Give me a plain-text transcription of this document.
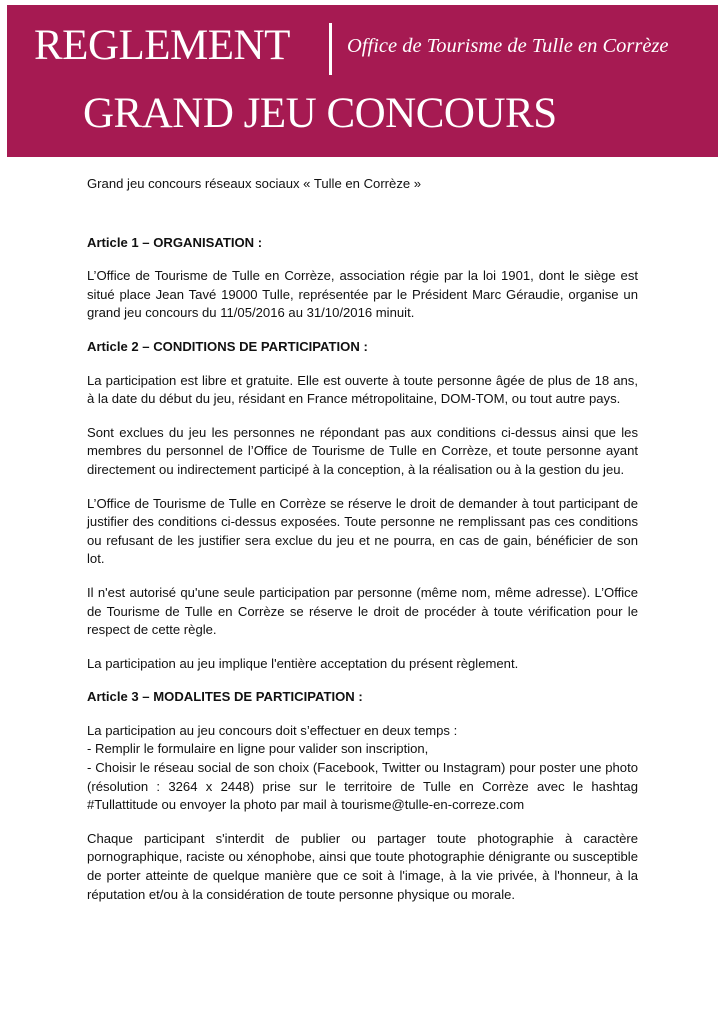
REGLEMENT	Office de Tourisme de Tulle en Corrèze
GRAND JEU CONCOURS

Grand jeu concours réseaux sociaux « Tulle en Corrèze »

Article 1 – ORGANISATION :

L’Office de Tourisme de Tulle en Corrèze, association régie par la loi 1901, dont le siège est situé place Jean Tavé 19000 Tulle, représentée par le Président Marc Géraudie, organise un grand jeu concours du 11/05/2016 au 31/10/2016 minuit.

Article 2 – CONDITIONS DE PARTICIPATION :

La participation est libre et gratuite. Elle est ouverte à toute personne âgée de plus de 18 ans, à la date du début du jeu, résidant en France métropolitaine, DOM-TOM, ou tout autre pays.

Sont exclues du jeu les personnes ne répondant pas aux conditions ci-dessus ainsi que les membres du personnel de l’Office de Tourisme de Tulle en Corrèze, et toute personne ayant directement ou indirectement participé à la conception, à la réalisation ou à la gestion du jeu.

L’Office de Tourisme de Tulle en Corrèze se réserve le droit de demander à tout participant de justifier des conditions ci-dessus exposées. Toute personne ne remplissant pas ces conditions ou refusant de les justifier sera exclue du jeu et ne pourra, en cas de gain, bénéficier de son lot.

Il n'est autorisé qu'une seule participation par personne (même nom, même adresse). L’Office de Tourisme de Tulle en Corrèze se réserve le droit de procéder à toute vérification pour le respect de cette règle.

La participation au jeu implique l'entière acceptation du présent règlement.

Article 3 – MODALITES DE PARTICIPATION :

La participation au jeu concours doit s’effectuer en deux temps :
- Remplir le formulaire en ligne pour valider son inscription,
- Choisir le réseau social de son choix (Facebook, Twitter ou Instagram) pour poster une photo (résolution : 3264 x 2448) prise sur le territoire de Tulle en Corrèze avec le hashtag #Tullattitude ou envoyer la photo par mail à tourisme@tulle-en-correze.com

Chaque participant s'interdit de publier ou partager toute photographie à caractère pornographique, raciste ou xénophobe, ainsi que toute photographie dénigrante ou susceptible de porter atteinte de quelque manière que ce soit à l'image, à la vie privée, à l'honneur, à la réputation et/ou à la considération de toute personne physique ou morale.
